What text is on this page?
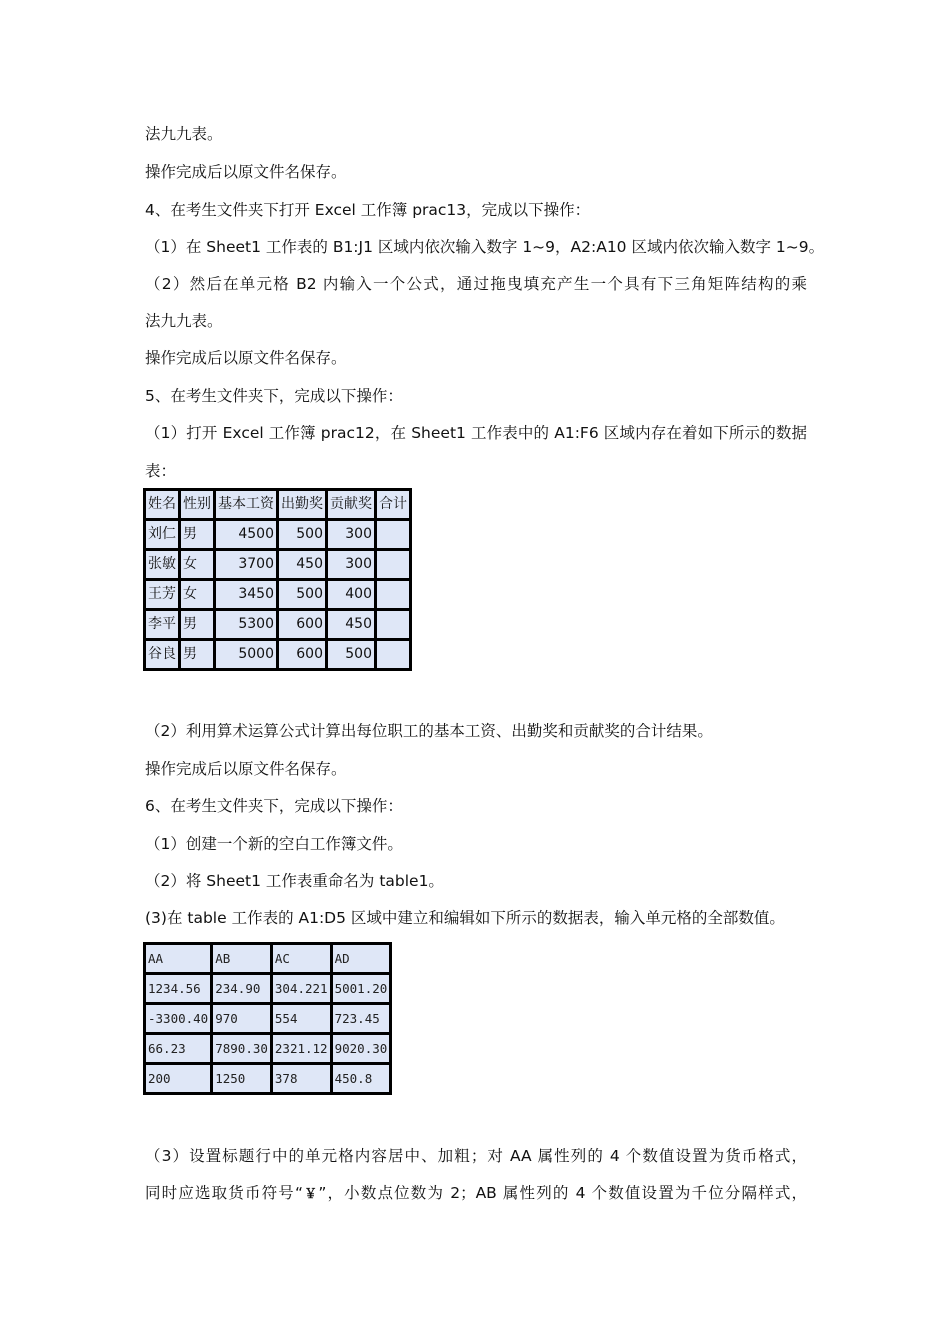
法九九表。
操作完成后以原文件名保存。
4、在考生文件夹下打开 Excel 工作簿 prac13，完成以下操作：
（1）在 Sheet1 工作表的 B1:J1 区域内依次输入数字 1~9，A2:A10 区域内依次输入数字 1~9。
（2）然后在单元格 B2 内输入一个公式，通过拖曳填充产生一个具有下三角矩阵结构的乘
法九九表。
操作完成后以原文件名保存。
5、在考生文件夹下，完成以下操作：
（1）打开 Excel 工作簿 prac12，在 Sheet1 工作表中的 A1:F6 区域内存在着如下所示的数据
表：
姓名	性别	基本工资	出勤奖	贡献奖	合计
刘仁	男	4500	500	300	
张敏	女	3700	450	300	
王芳	女	3450	500	400	
李平	男	5300	600	450	
谷良	男	5000	600	500	
（2）利用算术运算公式计算出每位职工的基本工资、出勤奖和贡献奖的合计结果。
操作完成后以原文件名保存。
6、在考生文件夹下，完成以下操作：
（1）创建一个新的空白工作簿文件。
（2）将 Sheet1 工作表重命名为 table1。
(3)在 table 工作表的 A1:D5 区域中建立和编辑如下所示的数据表，输入单元格的全部数值。
AA	AB	AC	AD
1234.56	234.90	304.221	5001.20
-3300.40	970	554	723.45
66.23	7890.30	2321.12	9020.30
200	1250	378	450.8
（3）设置标题行中的单元格内容居中、加粗；对 AA 属性列的 4 个数值设置为货币格式，
同时应选取货币符号“￥”，小数点位数为 2；AB 属性列的 4 个数值设置为千位分隔样式，
